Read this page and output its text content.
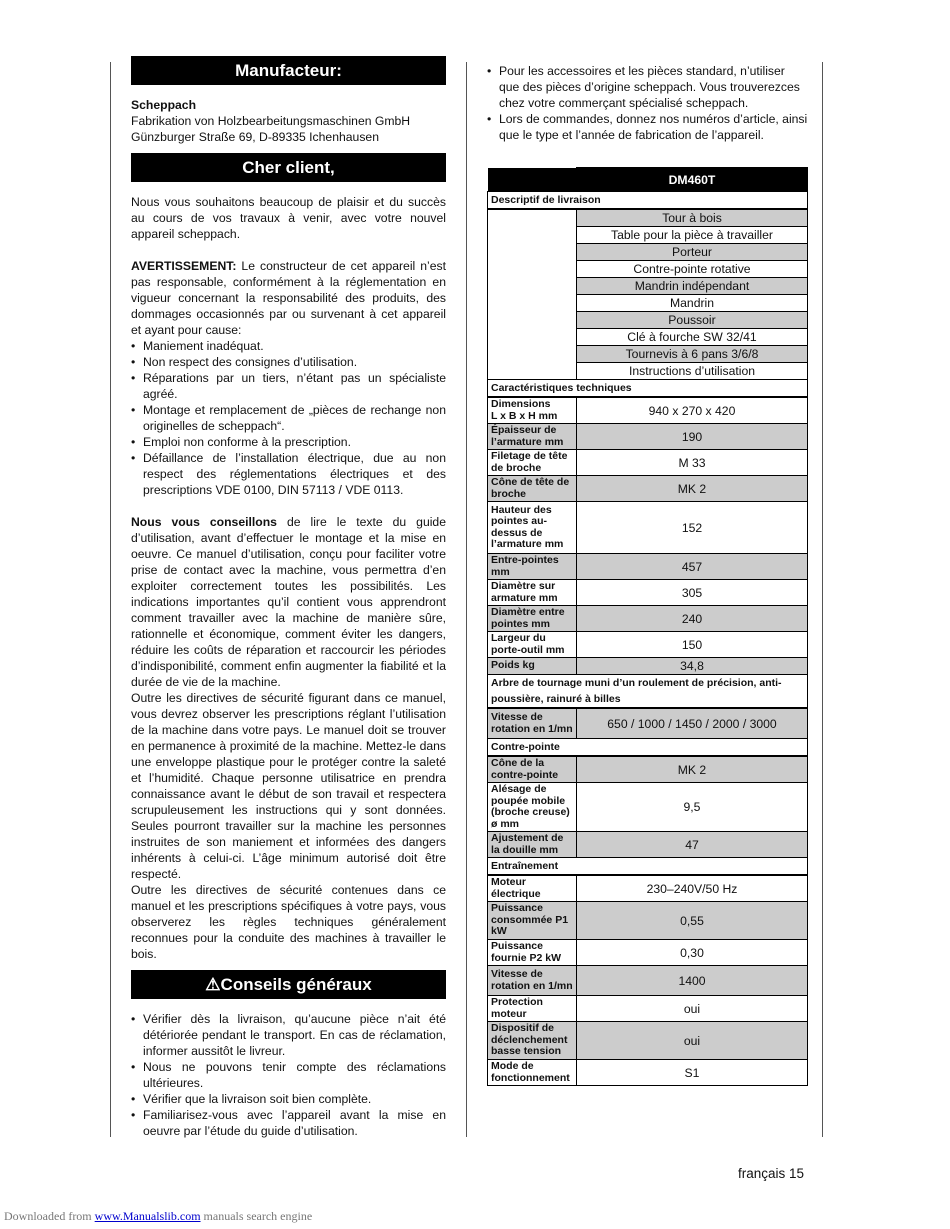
Manufacteur:

Scheppach

Fabrikation von Holzbearbeitungsmaschinen GmbH

Günzburger Straße 69, D-89335 Ichenhausen

Cher client,

Nous vous souhaitons beaucoup de plaisir et du succès au cours de vos travaux à venir, avec votre nouvel appareil scheppach.

AVERTISSEMENT: Le constructeur de cet appareil n’est pas responsable, conformément à la réglementation en vigueur concernant la responsabilité des produits, des dommages occasionnés par ou survenant à cet appareil et ayant pour cause:

• Maniement inadéquat.
• Non respect des consignes d’utilisation.
• Réparations par un tiers, n’étant pas un spécialiste agréé.
• Montage et remplacement de „pièces de rechange non originelles de scheppach“.
• Emploi non conforme à la prescription.
• Défaillance de l’installation électrique, due au non respect des réglementations électriques et des prescriptions VDE 0100, DIN 57113 / VDE 0113.

Nous vous conseillons de lire le texte du guide d’utilisation, avant d’effectuer le montage et la mise en oeuvre. Ce manuel d’utilisation, conçu pour faciliter votre prise de contact avec la machine, vous permettra d’en exploiter correctement toutes les possibilités. Les indications importantes qu’il contient vous apprendront comment travailler avec la machine de manière sûre, rationnelle et économique, comment éviter les dangers, réduire les coûts de réparation et raccourcir les périodes d’indisponibilité, comment enfin augmenter la fiabilité et la durée de vie de la machine.

Outre les directives de sécurité figurant dans ce manuel, vous devrez observer les prescriptions réglant l’utilisation de la machine dans votre pays. Le manuel doit se trouver en permanence à proximité de la machine. Mettez-le dans une enveloppe plastique pour le protéger contre la saleté et l’humidité. Chaque personne utilisatrice en prendra connaissance avant le début de son travail et respectera scrupuleusement les instructions qui y sont données. Seules pourront travailler sur la machine les personnes instruites de son maniement et informées des dangers inhérents à celui-ci. L’âge minimum autorisé doit être respecté.

Outre les directives de sécurité contenues dans ce manuel et les prescriptions spécifiques à votre pays, vous observerez les règles techniques généralement reconnues pour la conduite des machines à travailler le bois.

⚠Conseils généraux
• Vérifier dès la livraison, qu’aucune pièce n’ait été détériorée pendant le transport. En cas de réclamation, informer aussitôt le livreur.
• Nous ne pouvons tenir compte des réclamations ultérieures.
• Vérifier que la livraison soit bien complète.
• Familiarisez-vous avec l’appareil avant la mise en oeuvre par l’étude du guide d’utilisation.
• Pour les accessoires et les pièces standard, n’utiliser que des pièces d’origine scheppach. Vous trouverezces chez votre commerçant spécialisé scheppach.
• Lors de commandes, donnez nos numéros d’article, ainsi que le type et l’année de fabrication de l’appareil.
	DM460T
Descriptif de livraison	
	Tour à bois
	Table pour la pièce à travailler
	Porteur
	Contre-pointe rotative
	Mandrin indépendant
	Mandrin
	Poussoir
	Clé à fourche SW 32/41
	Tournevis à 6 pans 3/6/8
	Instructions d’utilisation
Caractéristiques techniques	
Dimensions
L x B x H mm	940 x 270 x 420
Épaisseur de l’armature mm	190
Filetage de tête de broche	M 33
Cône de tête de broche	MK 2
Hauteur des pointes au-dessus de l’armature mm	152
Entre-pointes mm	457
Diamètre sur armature mm	305
Diamètre entre pointes mm	240
Largeur du porte-outil mm	150
Poids kg	34,8
Arbre de tournage muni d’un roulement de précision, anti-poussière, rainuré à billes	
Vitesse de rotation en 1/mn	650 / 1000 / 1450 / 2000 / 3000
Contre-pointe	
Cône de la contre-pointe	MK 2
Alésage de poupée mobile (broche creuse) ø mm	9,5
Ajustement de la douille mm	47
Entraînement	
Moteur électrique	230–240V/50 Hz
Puissance consommée P1 kW	0,55
Puissance fournie P2 kW	0,30
Vitesse de rotation en 1/mn	1400
Protection moteur	oui
Dispositif de déclenchement basse tension	oui
Mode de fonctionnement	S1
français 15
Downloaded from www.Manualslib.com manuals search engine
